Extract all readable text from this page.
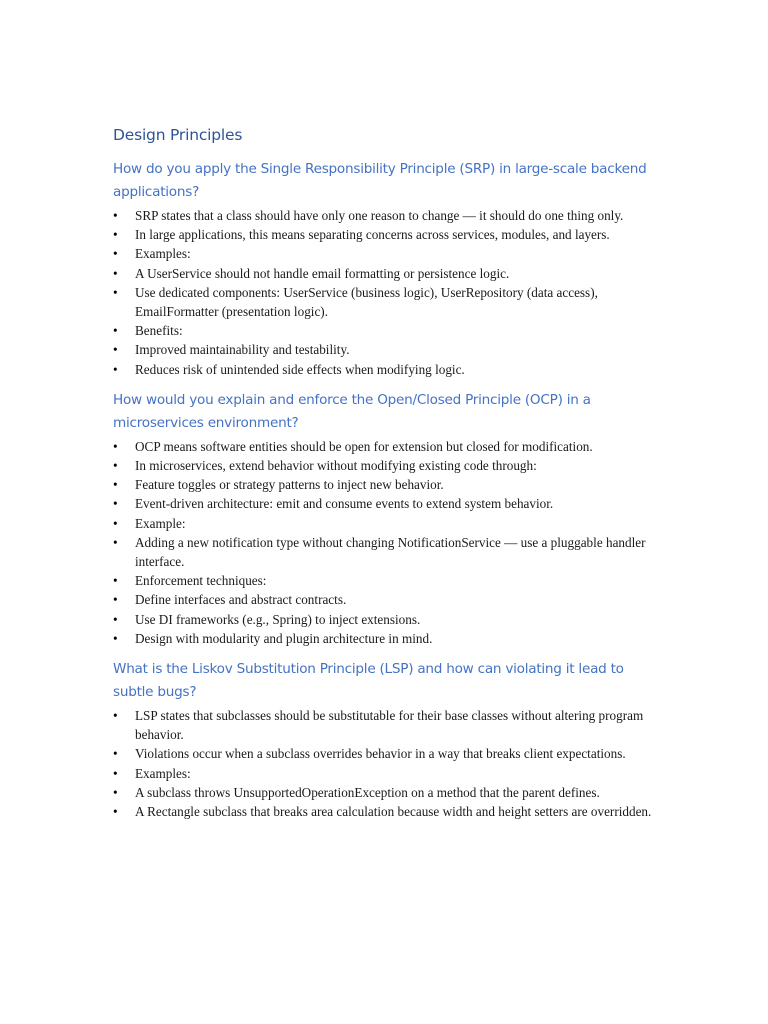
Design Principles
How do you apply the Single Responsibility Principle (SRP) in large-scale backend applications?
•	SRP states that a class should have only one reason to change — it should do one thing only.
•	In large applications, this means separating concerns across services, modules, and layers.
•	Examples:
•	A UserService should not handle email formatting or persistence logic.
•	Use dedicated components: UserService (business logic), UserRepository (data access), EmailFormatter (presentation logic).
•	Benefits:
•	Improved maintainability and testability.
•	Reduces risk of unintended side effects when modifying logic.
How would you explain and enforce the Open/Closed Principle (OCP) in a microservices environment?
•	OCP means software entities should be open for extension but closed for modification.
•	In microservices, extend behavior without modifying existing code through:
•	Feature toggles or strategy patterns to inject new behavior.
•	Event-driven architecture: emit and consume events to extend system behavior.
•	Example:
•	Adding a new notification type without changing NotificationService — use a pluggable handler interface.
•	Enforcement techniques:
•	Define interfaces and abstract contracts.
•	Use DI frameworks (e.g., Spring) to inject extensions.
•	Design with modularity and plugin architecture in mind.
What is the Liskov Substitution Principle (LSP) and how can violating it lead to subtle bugs?
•	LSP states that subclasses should be substitutable for their base classes without altering program behavior.
•	Violations occur when a subclass overrides behavior in a way that breaks client expectations.
•	Examples:
•	A subclass throws UnsupportedOperationException on a method that the parent defines.
•	A Rectangle subclass that breaks area calculation because width and height setters are overridden.
